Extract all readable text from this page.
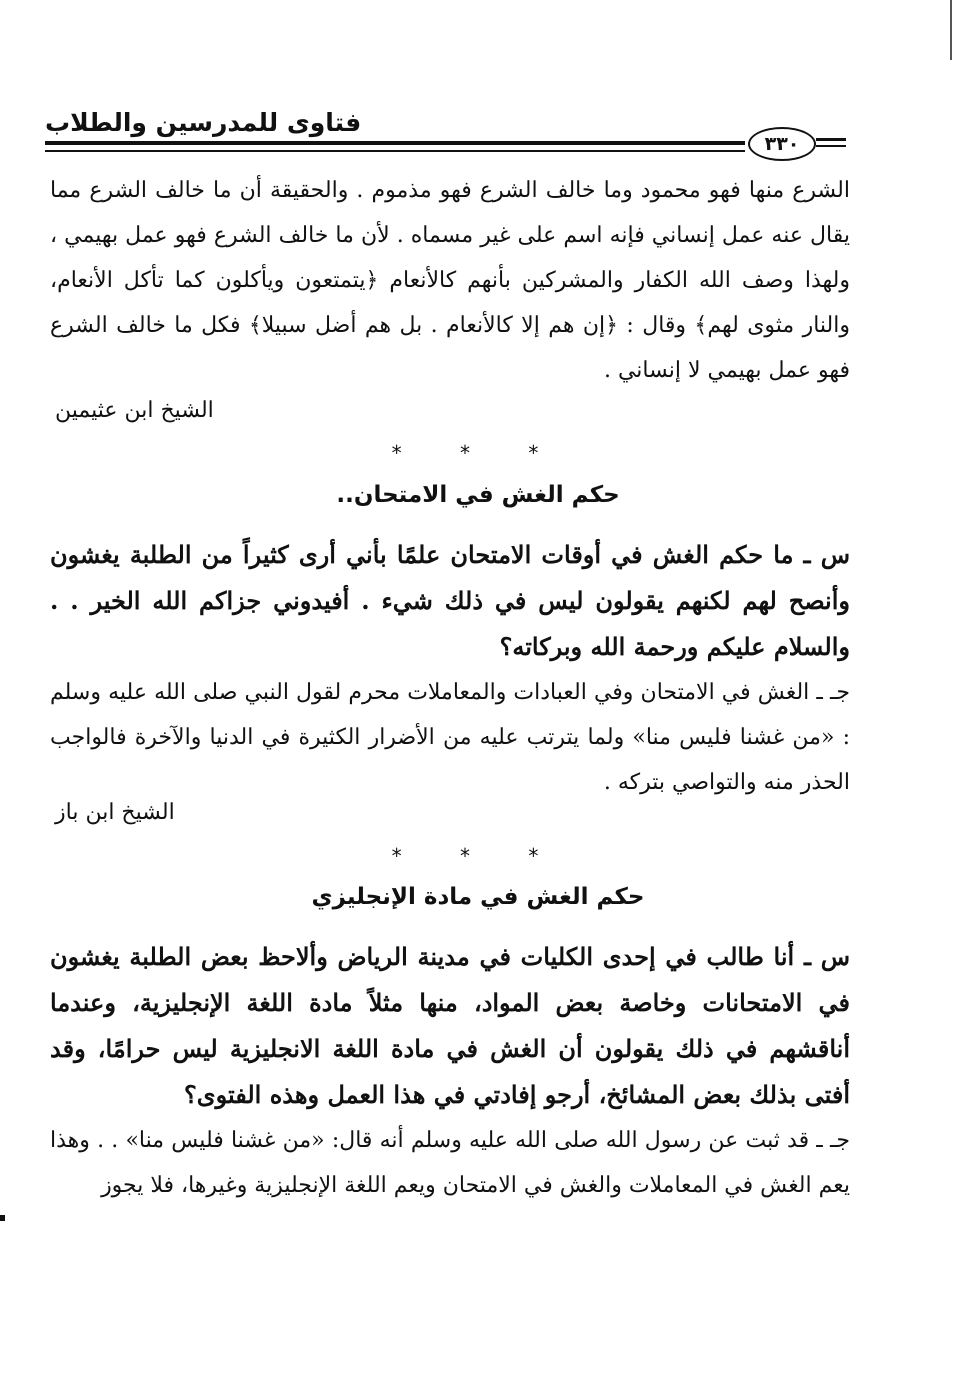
فتاوى للمدرسين والطلاب
٣٣٠

الشرع منها فهو محمود وما خالف الشرع فهو مذموم . والحقيقة أن ما خالف الشرع مما يقال عنه عمل إنساني فإنه اسم على غير مسماه . لأن ما خالف الشرع فهو عمل بهيمي ، ولهذا وصف الله الكفار والمشركين بأنهم كالأنعام ﴿يتمتعون ويأكلون كما تأكل الأنعام، والنار مثوى لهم﴾ وقال : ﴿إن هم إلا كالأنعام . بل هم أضل سبيلا﴾ فكل ما خالف الشرع فهو عمل بهيمي لا إنساني .

الشيخ ابن عثيمين
* * *
حكم الغش في الامتحان..

س ـ ما حكم الغش في أوقات الامتحان علمًا بأني أرى كثيراً من الطلبة يغشون وأنصح لهم لكنهم يقولون ليس في ذلك شيء . أفيدوني جزاكم الله الخير . . والسلام عليكم ورحمة الله وبركاته؟

جـ ـ الغش في الامتحان وفي العبادات والمعاملات محرم لقول النبي صلى الله عليه وسلم : «من غشنا فليس منا» ولما يترتب عليه من الأضرار الكثيرة في الدنيا والآخرة فالواجب الحذر منه والتواصي بتركه .

الشيخ ابن باز
* * *
حكم الغش في مادة الإنجليزي

س ـ أنا طالب في إحدى الكليات في مدينة الرياض وألاحظ بعض الطلبة يغشون في الامتحانات وخاصة بعض المواد، منها مثلاً مادة اللغة الإنجليزية، وعندما أناقشهم في ذلك يقولون أن الغش في مادة اللغة الانجليزية ليس حرامًا، وقد أفتى بذلك بعض المشائخ، أرجو إفادتي في هذا العمل وهذه الفتوى؟

جـ ـ قد ثبت عن رسول الله صلى الله عليه وسلم أنه قال: «من غشنا فليس منا» . . وهذا يعم الغش في المعاملات والغش في الامتحان ويعم اللغة الإنجليزية وغيرها، فلا يجوز
